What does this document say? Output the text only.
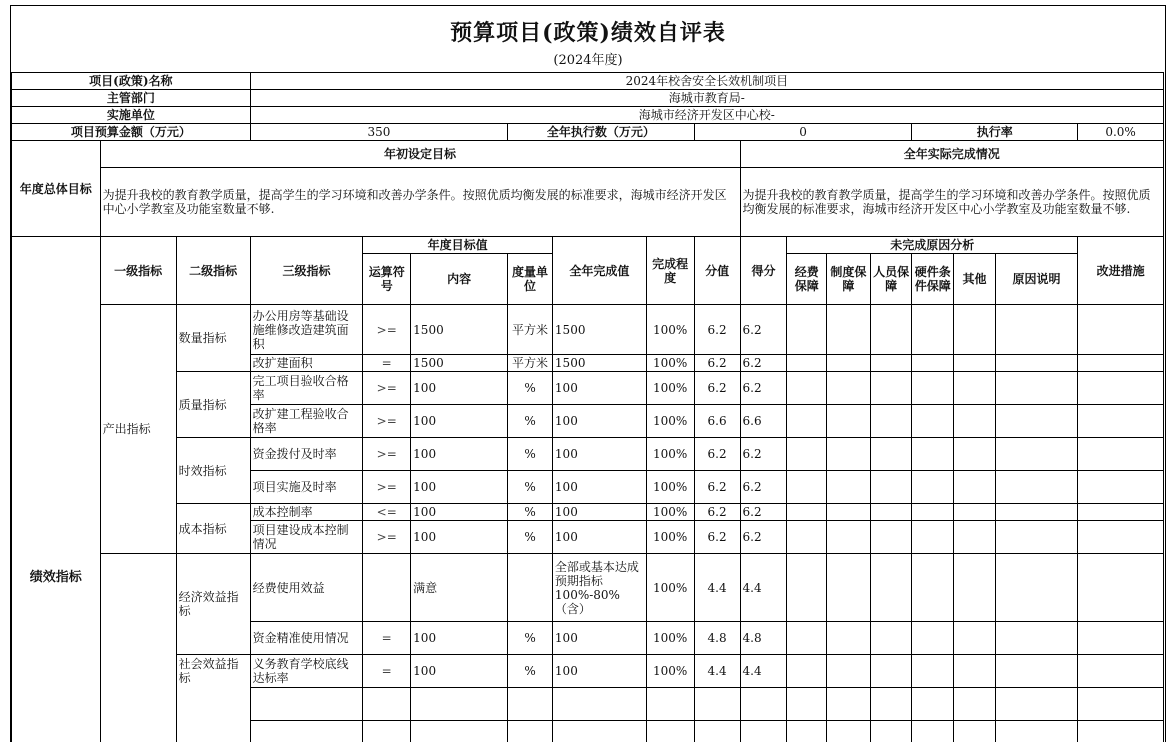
预算项目(政策)绩效自评表
(2024年度)
项目(政策)名称			2024年校舍安全长效机制项目														
主管部门			海城市教育局-														
实施单位			海城市经济开发区中心校-														
项目预算金额（万元）			350			全年执行数（万元）			0					执行率			0.0%
年度总体目标	年初设定目标									全年实际完成情况							
	为提升我校的教育教学质量，提高学生的学习环境和改善办学条件。按照优质均衡发展的标准要求，海城市经济开发区中心小学教室及功能室数量不够.									为提升我校的教育教学质量，提高学生的学习环境和改善办学条件。按照优质均衡发展的标准要求，海城市经济开发区中心小学教室及功能室数量不够.							
绩效指标	一级指标	二级指标	三级指标	年度目标值			全年完成值	完成程度	分值	得分	未完成原因分析						改进措施
				运算符号	内容	度量单位					经费保障	制度保障	人员保障	硬件条件保障	其他	原因说明	
	产出指标	数量指标	办公用房等基础设施维修改造建筑面积	>=	1500	平方米	1500	100%	6.2	6.2							
			改扩建面积	=	1500	平方米	1500	100%	6.2	6.2							
		质量指标	完工项目验收合格率	>=	100	%	100	100%	6.2	6.2							
			改扩建工程验收合格率	>=	100	%	100	100%	6.6	6.6							
		时效指标	资金拨付及时率	>=	100	%	100	100%	6.2	6.2							
			项目实施及时率	>=	100	%	100	100%	6.2	6.2							
		成本指标	成本控制率	<=	100	%	100	100%	6.2	6.2							
			项目建设成本控制情况	>=	100	%	100	100%	6.2	6.2							
		经济效益指标	经费使用效益		满意		全部或基本达成预期指标100%-80%（含）	100%	4.4	4.4							
			资金精准使用情况	=	100	%	100	100%	4.8	4.8							
		社会效益指标	义务教育学校底线达标率	=	100	%	100	100%	4.4	4.4							
